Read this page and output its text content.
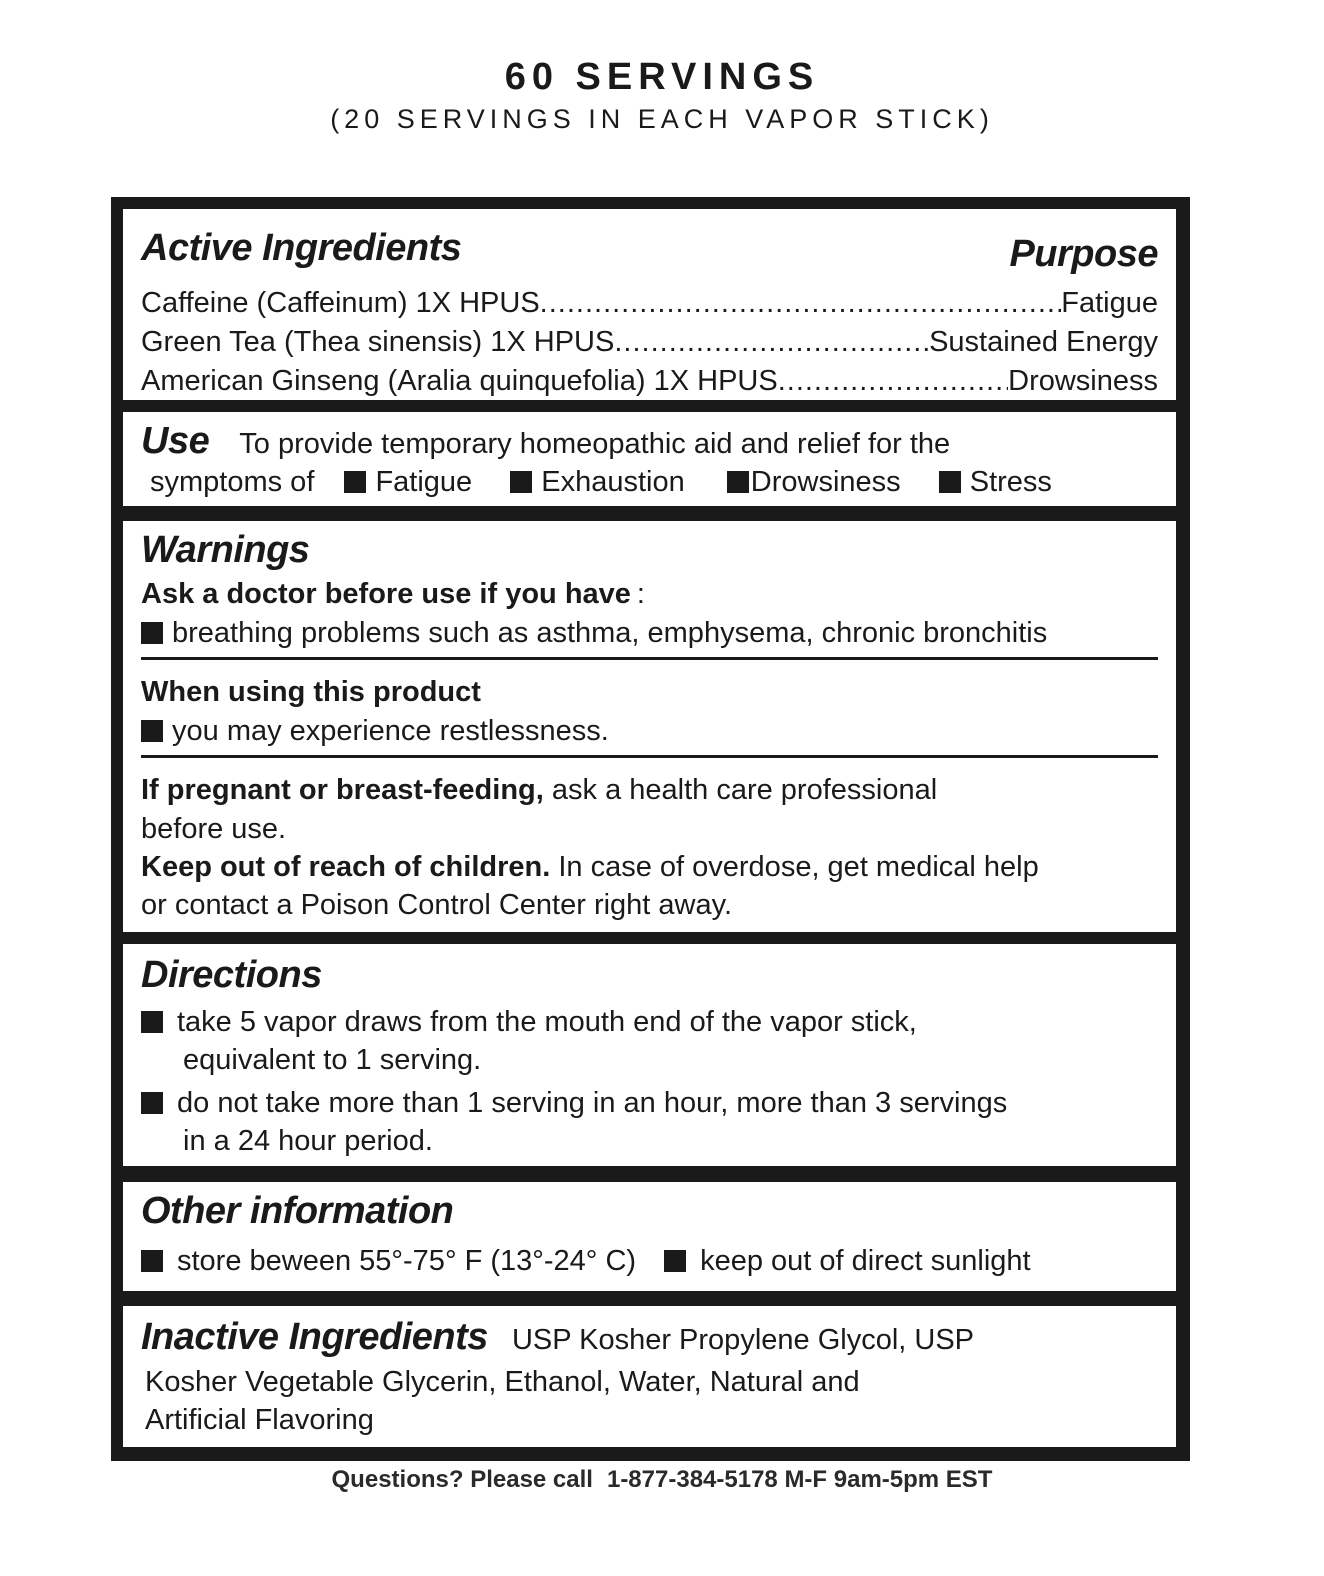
60 SERVINGS
(20 SERVINGS IN EACH VAPOR STICK)
Active Ingredients	Purpose
Caffeine (Caffeinum) 1X HPUS .....	Fatigue
Green Tea (Thea sinensis) 1X HPUS .....	Sustained Energy
American Ginseng (Aralia quinquefolia) 1X HPUS .....	Drowsiness
Use To provide temporary homeopathic aid and relief for the
symptoms of Fatigue Exhaustion Drowsiness Stress
Warnings
Ask a doctor before use if you have :
breathing problems such as asthma, emphysema, chronic bronchitis
When using this product
you may experience restlessness.
If pregnant or breast-feeding, ask a health care professional
before use.
Keep out of reach of children. In case of overdose, get medical help
or contact a Poison Control Center right away.
Directions
take 5 vapor draws from the mouth end of the vapor stick,
equivalent to 1 serving.
do not take more than 1 serving in an hour, more than 3 servings
in a 24 hour period.
Other information
store beween 55°-75° F (13°-24° C) keep out of direct sunlight
Inactive Ingredients USP Kosher Propylene Glycol, USP
Kosher Vegetable Glycerin, Ethanol, Water, Natural and
Artificial Flavoring
Questions? Please call 1-877-384-5178 M-F 9am-5pm EST
